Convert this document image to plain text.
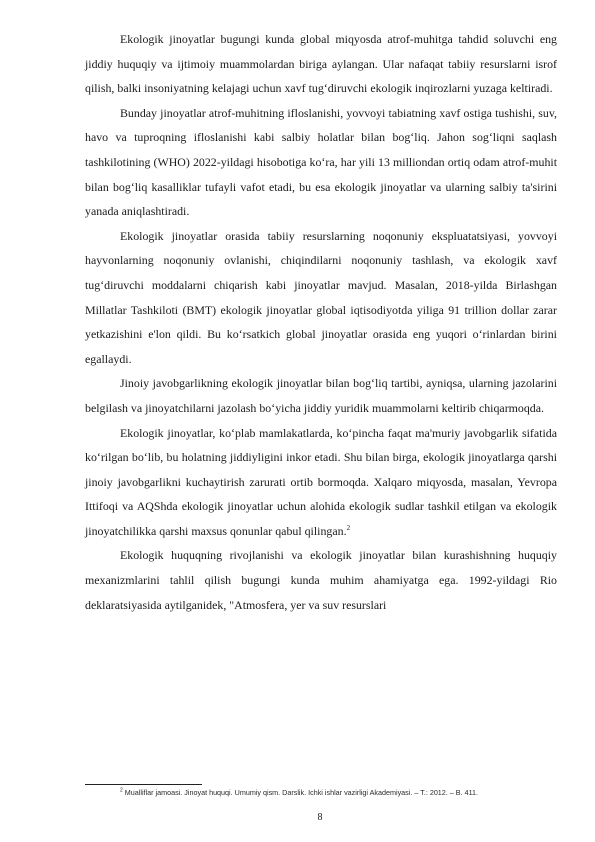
Ekologik jinoyatlar bugungi kunda global miqyosda atrof-muhitga tahdid soluvchi eng jiddiy huquqiy va ijtimoiy muammolardan biriga aylangan. Ular nafaqat tabiiy resurslarni isrof qilish, balki insoniyatning kelajagi uchun xavf tug‘diruvchi ekologik inqirozlarni yuzaga keltiradi.

Bunday jinoyatlar atrof-muhitning ifloslanishi, yovvoyi tabiatning xavf ostiga tushishi, suv, havo va tuproqning ifloslanishi kabi salbiy holatlar bilan bog‘liq. Jahon sog‘liqni saqlash tashkilotining (WHO) 2022-yildagi hisobotiga ko‘ra, har yili 13 milliondan ortiq odam atrof-muhit bilan bog‘liq kasalliklar tufayli vafot etadi, bu esa ekologik jinoyatlar va ularning salbiy ta'sirini yanada aniqlashtiradi.

Ekologik jinoyatlar orasida tabiiy resurslarning noqonuniy ekspluatatsiyasi, yovvoyi hayvonlarning noqonuniy ovlanishi, chiqindilarni noqonuniy tashlash, va ekologik xavf tug‘diruvchi moddalarni chiqarish kabi jinoyatlar mavjud. Masalan, 2018-yilda Birlashgan Millatlar Tashkiloti (BMT) ekologik jinoyatlar global iqtisodiyotda yiliga 91 trillion dollar zarar yetkazishini e'lon qildi. Bu ko‘rsatkich global jinoyatlar orasida eng yuqori o‘rinlardan birini egallaydi.

Jinoiy javobgarlikning ekologik jinoyatlar bilan bog‘liq tartibi, ayniqsa, ularning jazolarini belgilash va jinoyatchilarni jazolash bo‘yicha jiddiy yuridik muammolarni keltirib chiqarmoqda.

Ekologik jinoyatlar, ko‘plab mamlakatlarda, ko‘pincha faqat ma'muriy javobgarlik sifatida ko‘rilgan bo‘lib, bu holatning jiddiyligini inkor etadi. Shu bilan birga, ekologik jinoyatlarga qarshi jinoiy javobgarlikni kuchaytirish zarurati ortib bormoqda. Xalqaro miqyosda, masalan, Yevropa Ittifoqi va AQShda ekologik jinoyatlar uchun alohida ekologik sudlar tashkil etilgan va ekologik jinoyatchilikka qarshi maxsus qonunlar qabul qilingan.$^2$

Ekologik huquqning rivojlanishi va ekologik jinoyatlar bilan kurashishning huquqiy mexanizmlarini tahlil qilish bugungi kunda muhim ahamiyatga ega. 1992-yildagi Rio deklaratsiyasida aytilganidek, "Atmosfera, yer va suv resurslari

$^2$ Mualliflar jamoasi. Jinoyat huquqi. Umumiy qism. Darslik. Ichki ishlar vazirligi Akademiyasi. – T.: 2012. – B. 411.
8
